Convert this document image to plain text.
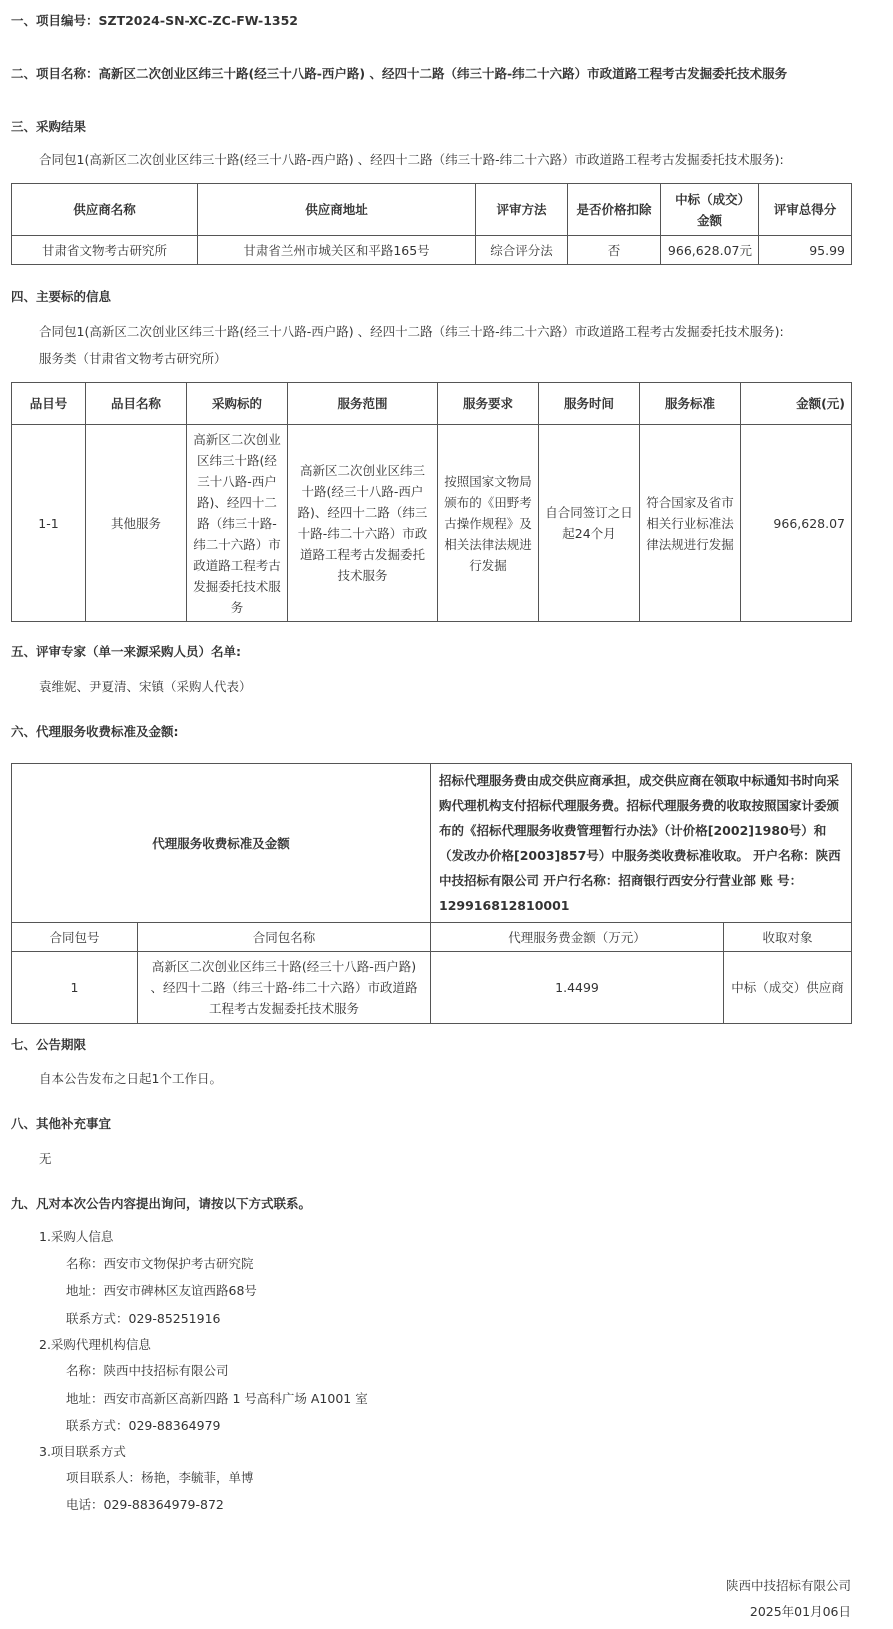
一、项目编号：SZT2024-SN-XC-ZC-FW-1352
二、项目名称：高新区二次创业区纬三十路(经三十八路-西户路) 、经四十二路（纬三十路-纬二十六路）市政道路工程考古发掘委托技术服务
三、采购结果
合同包1(高新区二次创业区纬三十路(经三十八路-西户路) 、经四十二路（纬三十路-纬二十六路）市政道路工程考古发掘委托技术服务):
供应商名称	供应商地址	评审方法	是否价格扣除	中标（成交）金额	评审总得分
甘肃省文物考古研究所	甘肃省兰州市城关区和平路165号	综合评分法	否	966,628.07元	95.99
四、主要标的信息
合同包1(高新区二次创业区纬三十路(经三十八路-西户路) 、经四十二路（纬三十路-纬二十六路）市政道路工程考古发掘委托技术服务):
服务类（甘肃省文物考古研究所）
品目号	品目名称	采购标的	服务范围	服务要求	服务时间	服务标准	金额(元)
1-1	其他服务	高新区二次创业区纬三十路(经三十八路-西户路)、经四十二路（纬三十路-纬二十六路）市政道路工程考古发掘委托技术服务	高新区二次创业区纬三十路(经三十八路-西户路)、经四十二路（纬三十路-纬二十六路）市政道路工程考古发掘委托技术服务	按照国家文物局颁布的《田野考古操作规程》及相关法律法规进行发掘	自合同签订之日起24个月	符合国家及省市相关行业标准法律法规进行发掘	966,628.07
五、评审专家（单一来源采购人员）名单:
袁维妮、尹夏清、宋镇（采购人代表）
六、代理服务收费标准及金额:
代理服务收费标准及金额		招标代理服务费由成交供应商承担，成交供应商在领取中标通知书时向采购代理机构支付招标代理服务费。招标代理服务费的收取按照国家计委颁布的《招标代理服务收费管理暂行办法》（计价格[2002]1980号）和（发改办价格[2003]857号）中服务类收费标准收取。 开户名称：陕西中技招标有限公司 开户行名称：招商银行西安分行营业部 账 号：129916812810001	
合同包号	合同包名称	代理服务费金额（万元）	收取对象
1	高新区二次创业区纬三十路(经三十八路-西户路) 、经四十二路（纬三十路-纬二十六路）市政道路工程考古发掘委托技术服务	1.4499	中标（成交）供应商
七、公告期限
自本公告发布之日起1个工作日。
八、其他补充事宜
无
九、凡对本次公告内容提出询问，请按以下方式联系。
1.采购人信息
名称：西安市文物保护考古研究院
地址：西安市碑林区友谊西路68号
联系方式：029-85251916
2.采购代理机构信息
名称：陕西中技招标有限公司
地址：西安市高新区高新四路 1 号高科广场 A1001 室
联系方式：029-88364979
3.项目联系方式
项目联系人：杨艳，李毓菲，单博
电话：029-88364979-872
陕西中技招标有限公司
2025年01月06日
